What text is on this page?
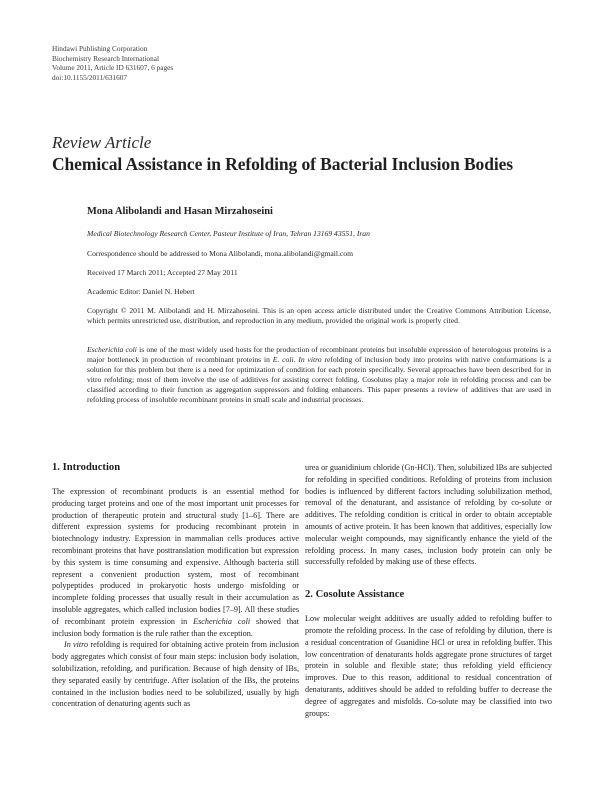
Hindawi Publishing Corporation
Biochemistry Research International
Volume 2011, Article ID 631607, 6 pages
doi:10.1155/2011/631607
Review Article
Chemical Assistance in Refolding of Bacterial Inclusion Bodies
Mona Alibolandi and Hasan Mirzahoseini
Medical Biotechnology Research Center, Pasteur Institute of Iran, Tehran 13169 43551, Iran
Correspondence should be addressed to Mona Alibolandi, mona.alibolandi@gmail.com
Received 17 March 2011; Accepted 27 May 2011
Academic Editor: Daniel N. Hebert
Copyright © 2011 M. Alibolandi and H. Mirzahoseini. This is an open access article distributed under the Creative Commons Attribution License, which permits unrestricted use, distribution, and reproduction in any medium, provided the original work is properly cited.
Escherichia coli is one of the most widely used hosts for the production of recombinant proteins but insoluble expression of heterologous proteins is a major bottleneck in production of recombinant proteins in E. coli. In vitro refolding of inclusion body into proteins with native conformations is a solution for this problem but there is a need for optimization of condition for each protein specifically. Several approaches have been described for in vitro refolding; most of them involve the use of additives for assisting correct folding. Cosolutes play a major role in refolding process and can be classified according to their function as aggregation suppressors and folding enhancers. This paper presents a review of additives that are used in refolding process of insoluble recombinant proteins in small scale and industrial processes.
1. Introduction

The expression of recombinant products is an essential method for producing target proteins and one of the most important unit processes for production of therapeutic protein and structural study [1–6]. There are different expression systems for producing recombinant protein in biotechnology industry. Expression in mammalian cells produces active recombinant proteins that have posttranslation modification but expression by this system is time consuming and expensive. Although bacteria still represent a convenient production system, most of recombinant polypeptides produced in prokaryotic hosts undergo misfolding or incomplete folding processes that usually result in their accumulation as insoluble aggregates, which called inclusion bodies [7–9]. All these studies of recombinant protein expression in Escherichia coli showed that inclusion body formation is the rule rather than the exception.

In vitro refolding is required for obtaining active protein from inclusion body aggregates which consist of four main steps: inclusion body isolation, solubilization, refolding, and purification. Because of high density of IBs, they separated easily by centrifuge. After isolation of the IBs, the proteins contained in the inclusion bodies need to be solubilized, usually by high concentration of denaturing agents such as

urea or guanidinium chloride (Gn-HCl). Then, solubilized IBs are subjected for refolding in specified conditions. Refolding of proteins from inclusion bodies is influenced by different factors including solubilization method, removal of the denaturant, and assistance of refolding by co-solute or additives. The refolding condition is critical in order to obtain acceptable amounts of active protein. It has been known that additives, especially low molecular weight compounds, may significantly enhance the yield of the refolding process. In many cases, inclusion body protein can only be successfully refolded by making use of these effects.

2. Cosolute Assistance

Low molecular weight additives are usually added to refolding buffer to promote the refolding process. In the case of refolding by dilution, there is a residual concentration of Guanidine HCl or urea in refolding buffer. This low concentration of denaturants holds aggregate prone structures of target protein in soluble and flexible state; thus refolding yield efficiency improves. Due to this reason, additional to residual concentration of denaturants, additives should be added to refolding buffer to decrease the degree of aggregates and misfolds. Co-solute may be classified into two groups:
